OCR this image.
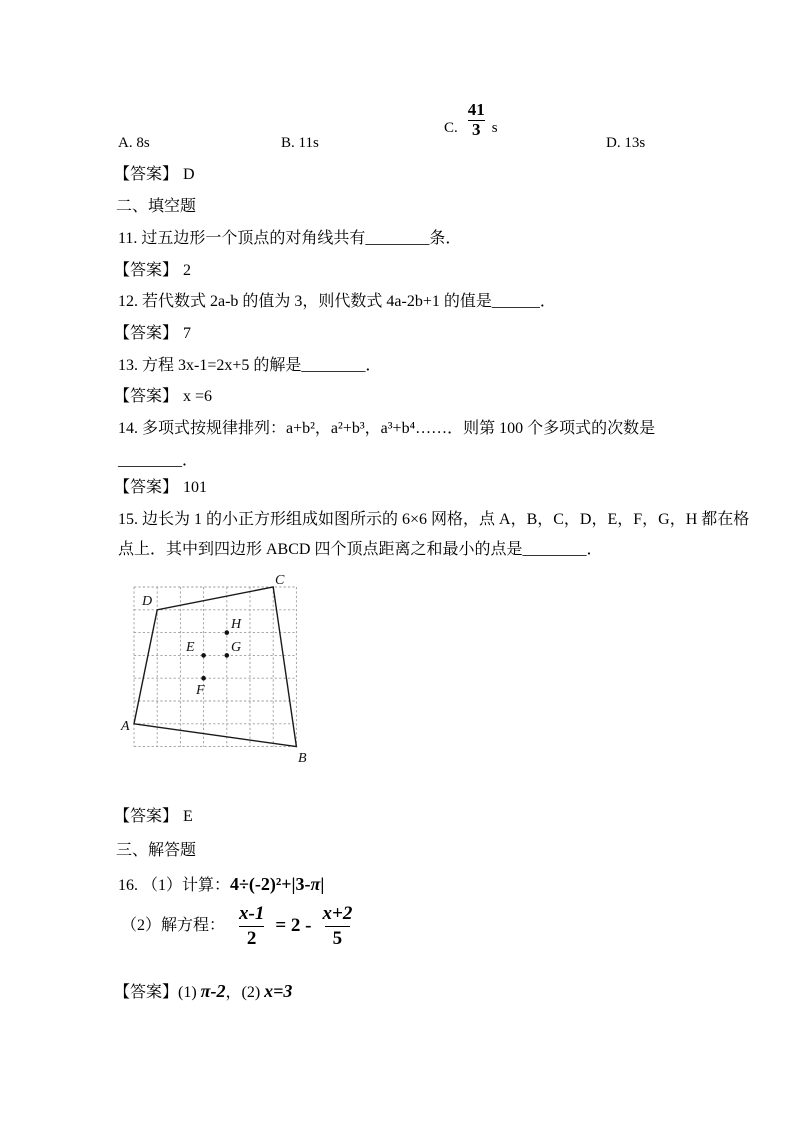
A. 8s	B. 11s
C. $\frac{41}{3}$ s
D. 13s
【答案】 D
二、填空题
11. 过五边形一个顶点的对角线共有________条．
【答案】 2
12. 若代数式 2a-b 的值为 3，则代数式 4a-2b+1 的值是______．
【答案】 7
13. 方程 3x-1=2x+5 的解是________．
【答案】 x =6
14. 多项式按规律排列：a+b²，a²+b³，a³+b⁴……．则第 100 个多项式的次数是
________．
【答案】 101
15. 边长为 1 的小正方形组成如图所示的 6×6 网格，点 A，B，C，D，E，F，G，H 都在格
点上．其中到四边形 ABCD 四个顶点距离之和最小的点是________．
A
B
C
D
E
F
G
H
【答案】 E
三、解答题
16. （1）计算：4÷(-2)²+|3-π|
（2）解方程： $\frac{x-1}{2} = 2 - \frac{x+2}{5}$
【答案】(1) π-2，(2) x=3
